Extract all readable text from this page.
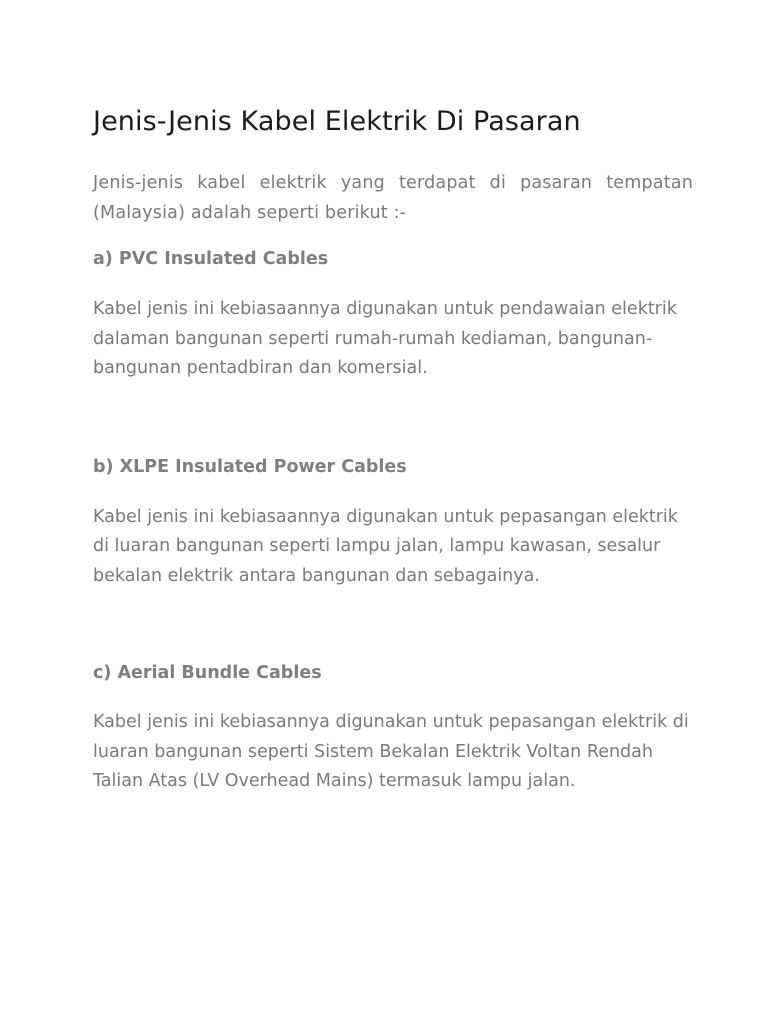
Jenis-Jenis Kabel Elektrik Di Pasaran

Jenis-jenis kabel elektrik yang terdapat di pasaran tempatan (Malaysia) adalah seperti berikut :-

a) PVC Insulated Cables

Kabel jenis ini kebiasaannya digunakan untuk pendawaian elektrik dalaman bangunan seperti rumah-rumah kediaman, bangunan-bangunan pentadbiran dan komersial.

b) XLPE Insulated Power Cables

Kabel jenis ini kebiasaannya digunakan untuk pepasangan elektrik di luaran bangunan seperti lampu jalan, lampu kawasan, sesalur bekalan elektrik antara bangunan dan sebagainya.

c) Aerial Bundle Cables

Kabel jenis ini kebiasannya digunakan untuk pepasangan elektrik di luaran bangunan seperti Sistem Bekalan Elektrik Voltan Rendah Talian Atas (LV Overhead Mains) termasuk lampu jalan.
